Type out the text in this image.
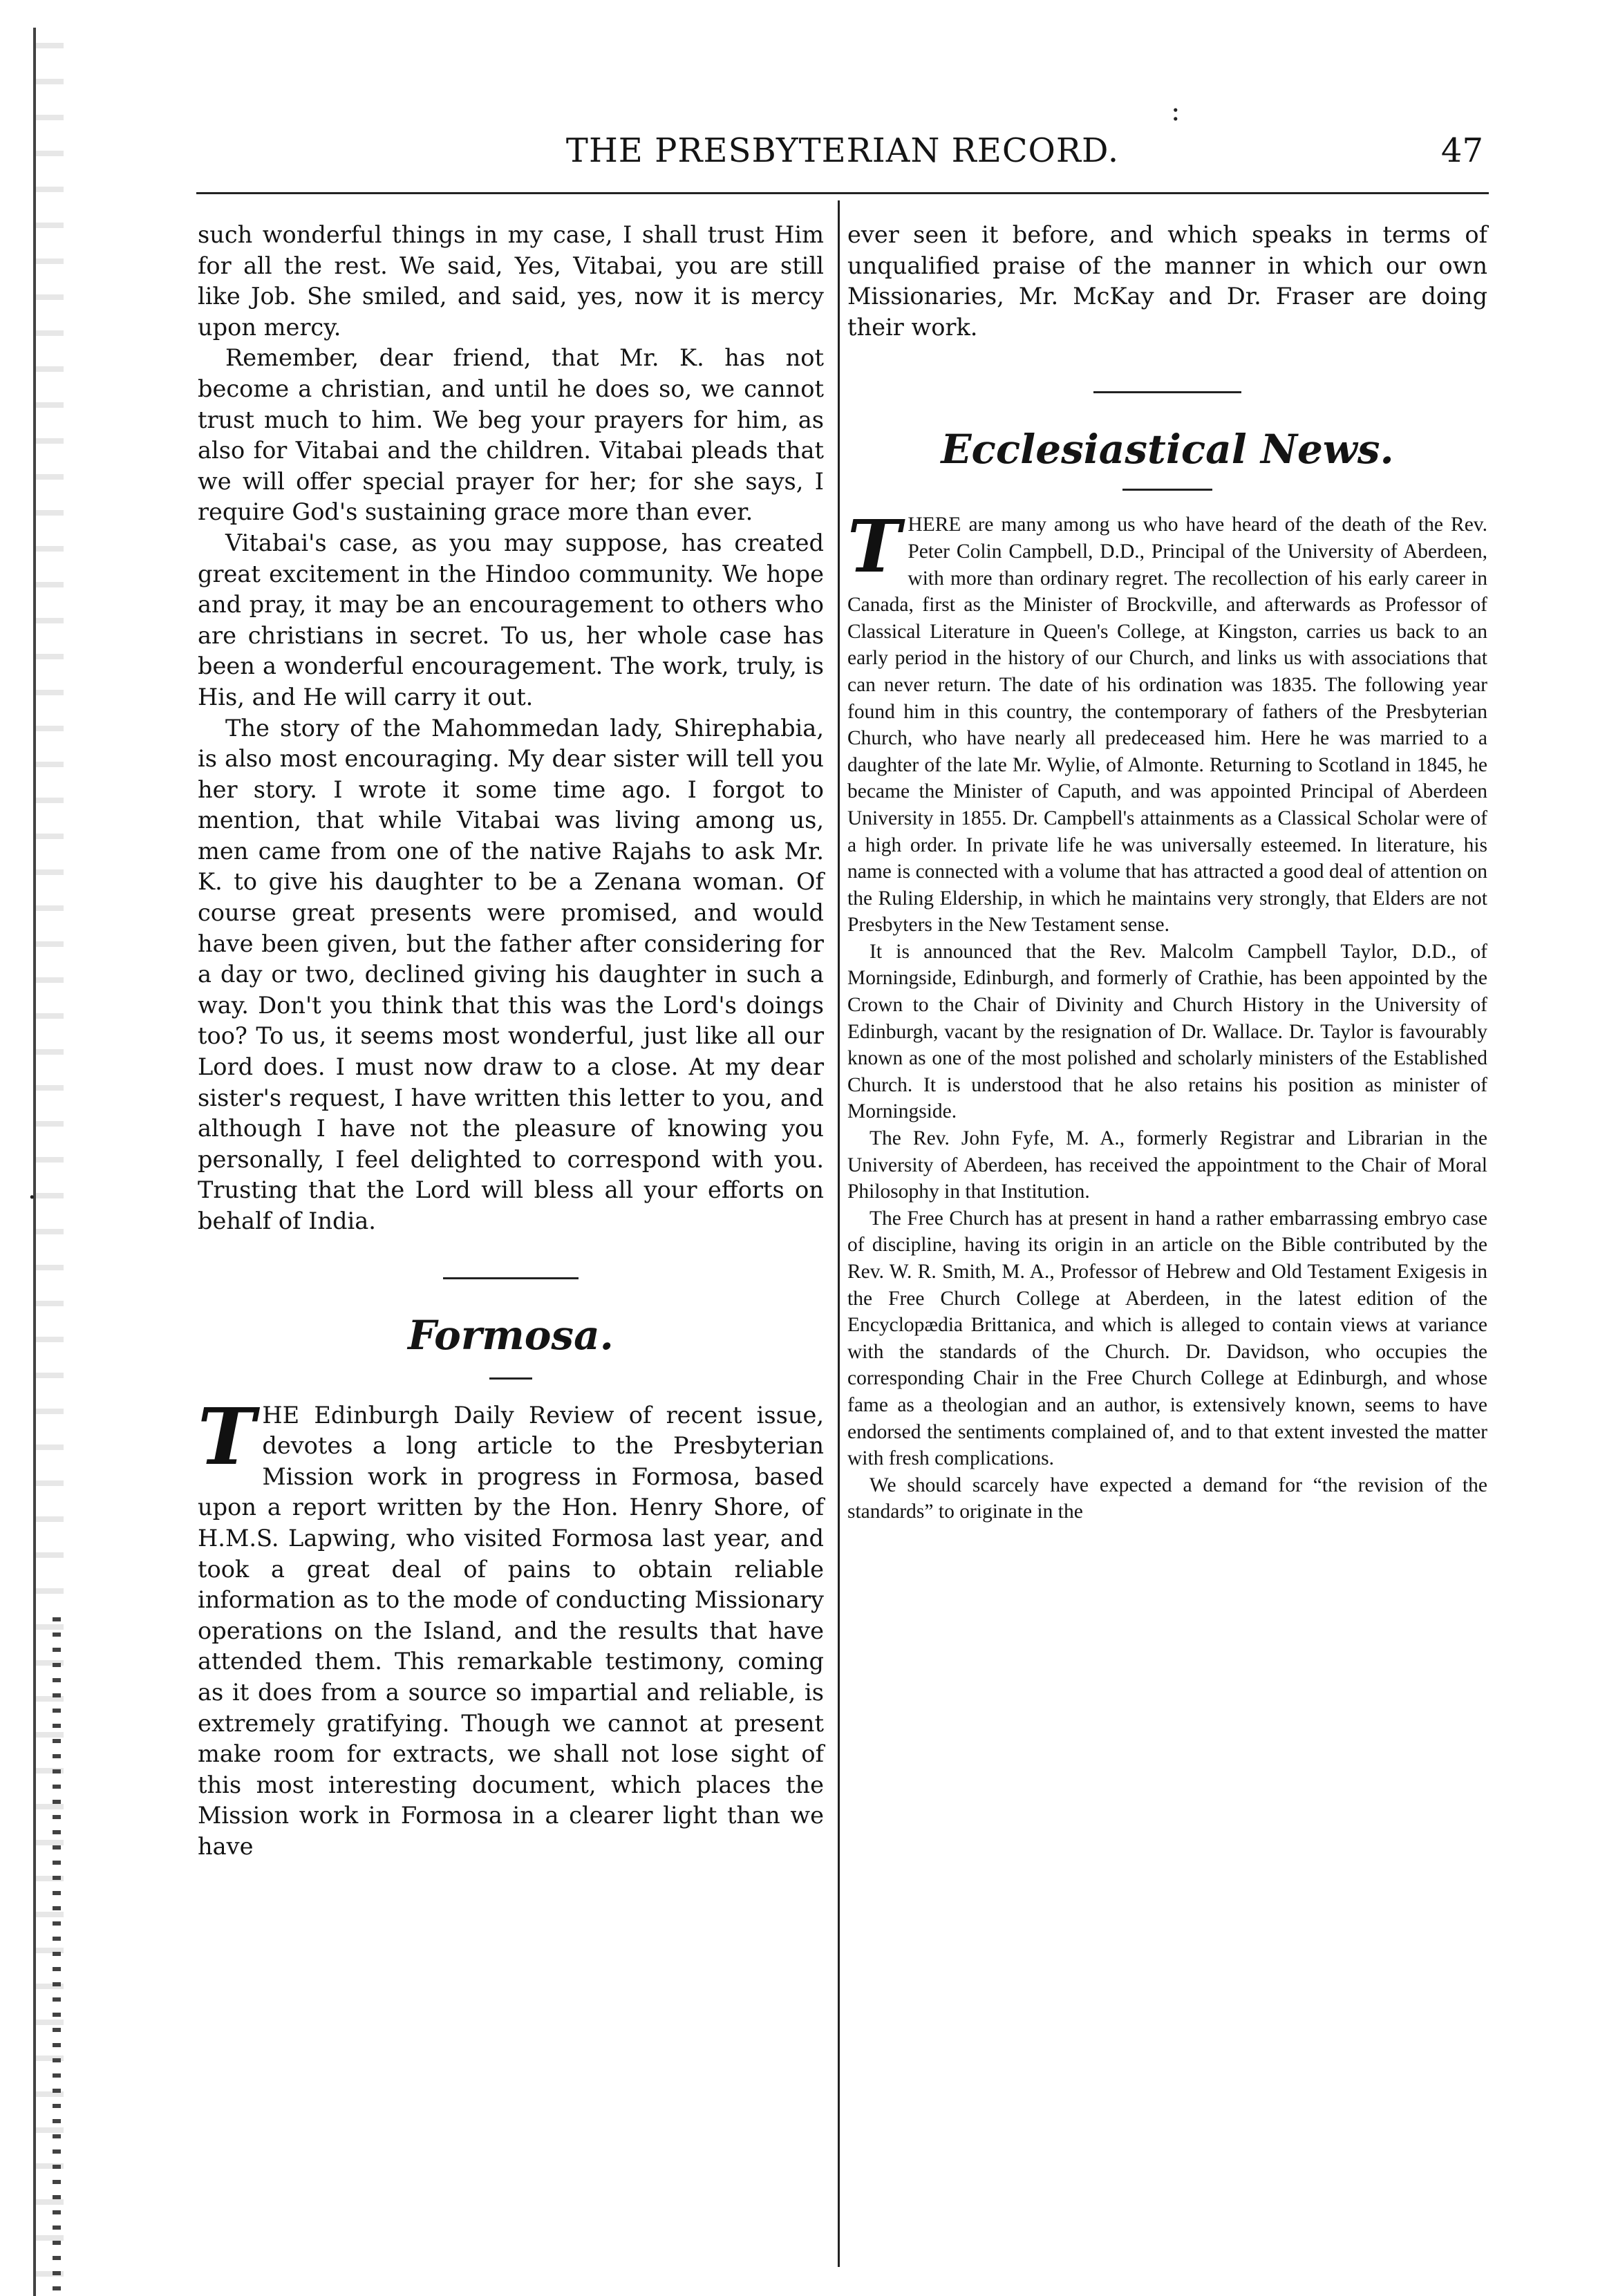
:
·
THE PRESBYTERIAN RECORD.	47

such wonderful things in my case, I shall trust Him for all the rest. We said, Yes, Vitabai, you are still like Job. She smiled, and said, yes, now it is mercy upon mercy.

Remember, dear friend, that Mr. K. has not become a christian, and until he does so, we cannot trust much to him. We beg your prayers for him, as also for Vitabai and the children. Vitabai pleads that we will offer special prayer for her; for she says, I require God's sustaining grace more than ever.

Vitabai's case, as you may suppose, has created great excitement in the Hindoo community. We hope and pray, it may be an encouragement to others who are christians in secret. To us, her whole case has been a wonderful encouragement. The work, truly, is His, and He will carry it out.

The story of the Mahommedan lady, Shirephabia, is also most encouraging. My dear sister will tell you her story. I wrote it some time ago. I forgot to mention, that while Vitabai was living among us, men came from one of the native Rajahs to ask Mr. K. to give his daughter to be a Zenana woman. Of course great presents were promised, and would have been given, but the father after considering for a day or two, declined giving his daughter in such a way. Don't you think that this was the Lord's doings too? To us, it seems most wonderful, just like all our Lord does. I must now draw to a close. At my dear sister's request, I have written this letter to you, and although I have not the pleasure of knowing you personally, I feel delighted to correspond with you. Trusting that the Lord will bless all your efforts on behalf of India.

Formosa.

THE Edinburgh Daily Review of recent issue, devotes a long article to the Presbyterian Mission work in progress in Formosa, based upon a report written by the Hon. Henry Shore, of H.M.S. Lapwing, who visited Formosa last year, and took a great deal of pains to obtain reliable information as to the mode of conducting Missionary operations on the Island, and the results that have attended them. This remarkable testimony, coming as it does from a source so impartial and reliable, is extremely gratifying. Though we cannot at present make room for extracts, we shall not lose sight of this most interesting document, which places the Mission work in Formosa in a clearer light than we have

ever seen it before, and which speaks in terms of unqualified praise of the manner in which our own Missionaries, Mr. McKay and Dr. Fraser are doing their work.

Ecclesiastical News.

THERE are many among us who have heard of the death of the Rev. Peter Colin Campbell, D.D., Principal of the University of Aberdeen, with more than ordinary regret. The recollection of his early career in Canada, first as the Minister of Brockville, and afterwards as Professor of Classical Literature in Queen's College, at Kingston, carries us back to an early period in the history of our Church, and links us with associations that can never return. The date of his ordination was 1835. The following year found him in this country, the contemporary of fathers of the Presbyterian Church, who have nearly all predeceased him. Here he was married to a daughter of the late Mr. Wylie, of Almonte. Returning to Scotland in 1845, he became the Minister of Caputh, and was appointed Principal of Aberdeen University in 1855. Dr. Campbell's attainments as a Classical Scholar were of a high order. In private life he was universally esteemed. In literature, his name is connected with a volume that has attracted a good deal of attention on the Ruling Eldership, in which he maintains very strongly, that Elders are not Presbyters in the New Testament sense.

It is announced that the Rev. Malcolm Campbell Taylor, D.D., of Morningside, Edinburgh, and formerly of Crathie, has been appointed by the Crown to the Chair of Divinity and Church History in the University of Edinburgh, vacant by the resignation of Dr. Wallace. Dr. Taylor is favourably known as one of the most polished and scholarly ministers of the Established Church. It is understood that he also retains his position as minister of Morningside.

The Rev. John Fyfe, M. A., formerly Registrar and Librarian in the University of Aberdeen, has received the appointment to the Chair of Moral Philosophy in that Institution.

The Free Church has at present in hand a rather embarrassing embryo case of discipline, having its origin in an article on the Bible contributed by the Rev. W. R. Smith, M. A., Professor of Hebrew and Old Testament Exigesis in the Free Church College at Aberdeen, in the latest edition of the Encyclopædia Brittanica, and which is alleged to contain views at variance with the standards of the Church. Dr. Davidson, who occupies the corresponding Chair in the Free Church College at Edinburgh, and whose fame as a theologian and an author, is extensively known, seems to have endorsed the sentiments complained of, and to that extent invested the matter with fresh complications.

We should scarcely have expected a demand for “the revision of the standards” to originate in the
